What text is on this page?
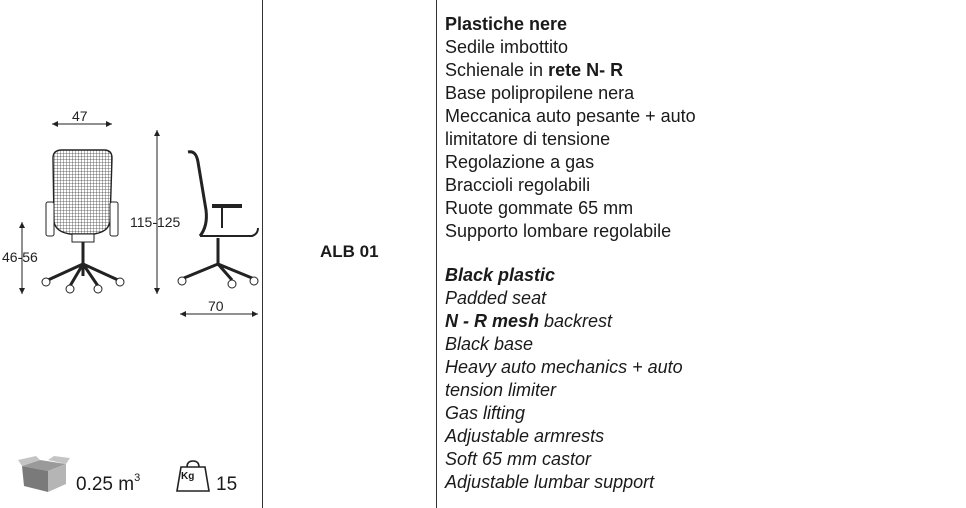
47
46-56
115-125
70
ALB 01
Plastiche nere
Sedile imbottito
Schienale in rete N- R
Base polipropilene nera
Meccanica auto pesante + auto
limitatore di tensione
Regolazione a gas
Braccioli regolabili
Ruote gommate 65 mm
Supporto lombare regolabile
Black plastic
Padded seat
N - R mesh backrest
Black base
Heavy auto mechanics + auto
tension limiter
Gas lifting
Adjustable armrests
Soft 65 mm castor
Adjustable lumbar support
0.25 $m^3$	Kg 15
